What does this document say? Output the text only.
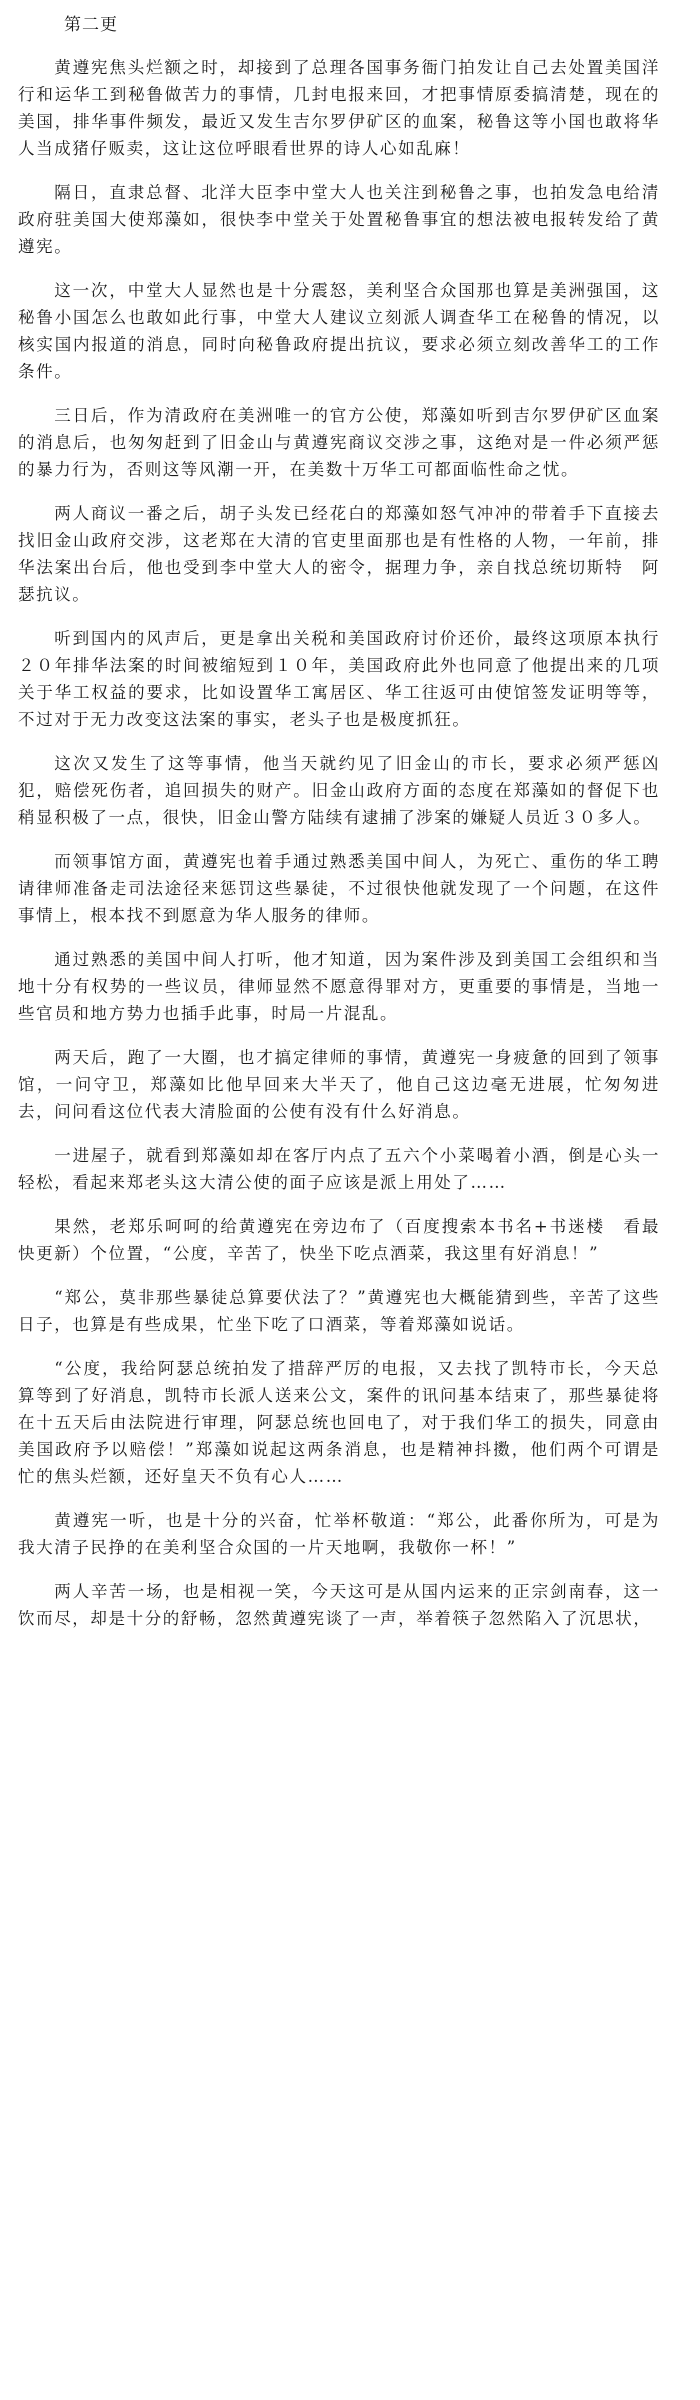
第二更

黄遵宪焦头烂额之时，却接到了总理各国事务衙门拍发让自己去处置美国洋行和运华工到秘鲁做苦力的事情，几封电报来回，才把事情原委搞清楚，现在的美国，排华事件频发，最近又发生吉尔罗伊矿区的血案，秘鲁这等小国也敢将华人当成猪仔贩卖，这让这位呼眼看世界的诗人心如乱麻！

隔日，直隶总督、北洋大臣李中堂大人也关注到秘鲁之事，也拍发急电给清政府驻美国大使郑藻如，很快李中堂关于处置秘鲁事宜的想法被电报转发给了黄遵宪。

这一次，中堂大人显然也是十分震怒，美利坚合众国那也算是美洲强国，这秘鲁小国怎么也敢如此行事，中堂大人建议立刻派人调查华工在秘鲁的情况，以核实国内报道的消息，同时向秘鲁政府提出抗议，要求必须立刻改善华工的工作条件。

三日后，作为清政府在美洲唯一的官方公使，郑藻如听到吉尔罗伊矿区血案的消息后，也匆匆赶到了旧金山与黄遵宪商议交涉之事，这绝对是一件必须严惩的暴力行为，否则这等风潮一开，在美数十万华工可都面临性命之忧。

两人商议一番之后，胡子头发已经花白的郑藻如怒气冲冲的带着手下直接去找旧金山政府交涉，这老郑在大清的官吏里面那也是有性格的人物，一年前，排华法案出台后，他也受到李中堂大人的密令，据理力争，亲自找总统切斯特　阿瑟抗议。

听到国内的风声后，更是拿出关税和美国政府讨价还价，最终这项原本执行２０年排华法案的时间被缩短到１０年，美国政府此外也同意了他提出来的几项关于华工权益的要求，比如设置华工寓居区、华工往返可由使馆签发证明等等，不过对于无力改变这法案的事实，老头子也是极度抓狂。

这次又发生了这等事情，他当天就约见了旧金山的市长，要求必须严惩凶犯，赔偿死伤者，追回损失的财产。旧金山政府方面的态度在郑藻如的督促下也稍显积极了一点，很快，旧金山警方陆续有逮捕了涉案的嫌疑人员近３０多人。

而领事馆方面，黄遵宪也着手通过熟悉美国中间人，为死亡、重伤的华工聘请律师准备走司法途径来惩罚这些暴徒，不过很快他就发现了一个问题，在这件事情上，根本找不到愿意为华人服务的律师。

通过熟悉的美国中间人打听，他才知道，因为案件涉及到美国工会组织和当地十分有权势的一些议员，律师显然不愿意得罪对方，更重要的事情是，当地一些官员和地方势力也插手此事，时局一片混乱。

两天后，跑了一大圈，也才搞定律师的事情，黄遵宪一身疲惫的回到了领事馆，一问守卫，郑藻如比他早回来大半天了，他自己这边毫无进展，忙匆匆进去，问问看这位代表大清脸面的公使有没有什么好消息。

一进屋子，就看到郑藻如却在客厅内点了五六个小菜喝着小酒，倒是心头一轻松，看起来郑老头这大清公使的面子应该是派上用处了……

果然，老郑乐呵呵的给黄遵宪在旁边布了（百度搜索本书名+书迷楼　看最快更新）个位置，“公度，辛苦了，快坐下吃点酒菜，我这里有好消息！”

“郑公，莫非那些暴徒总算要伏法了？”黄遵宪也大概能猜到些，辛苦了这些日子，也算是有些成果，忙坐下吃了口酒菜，等着郑藻如说话。

“公度，我给阿瑟总统拍发了措辞严厉的电报，又去找了凯特市长，今天总算等到了好消息，凯特市长派人送来公文，案件的讯问基本结束了，那些暴徒将在十五天后由法院进行审理，阿瑟总统也回电了，对于我们华工的损失，同意由美国政府予以赔偿！”郑藻如说起这两条消息，也是精神抖擞，他们两个可谓是忙的焦头烂额，还好皇天不负有心人……

黄遵宪一听，也是十分的兴奋，忙举杯敬道：“郑公，此番你所为，可是为我大清子民挣的在美利坚合众国的一片天地啊，我敬你一杯！”

两人辛苦一场，也是相视一笑，今天这可是从国内运来的正宗剑南春，这一饮而尽，却是十分的舒畅，忽然黄遵宪谈了一声，举着筷子忽然陷入了沉思状，
